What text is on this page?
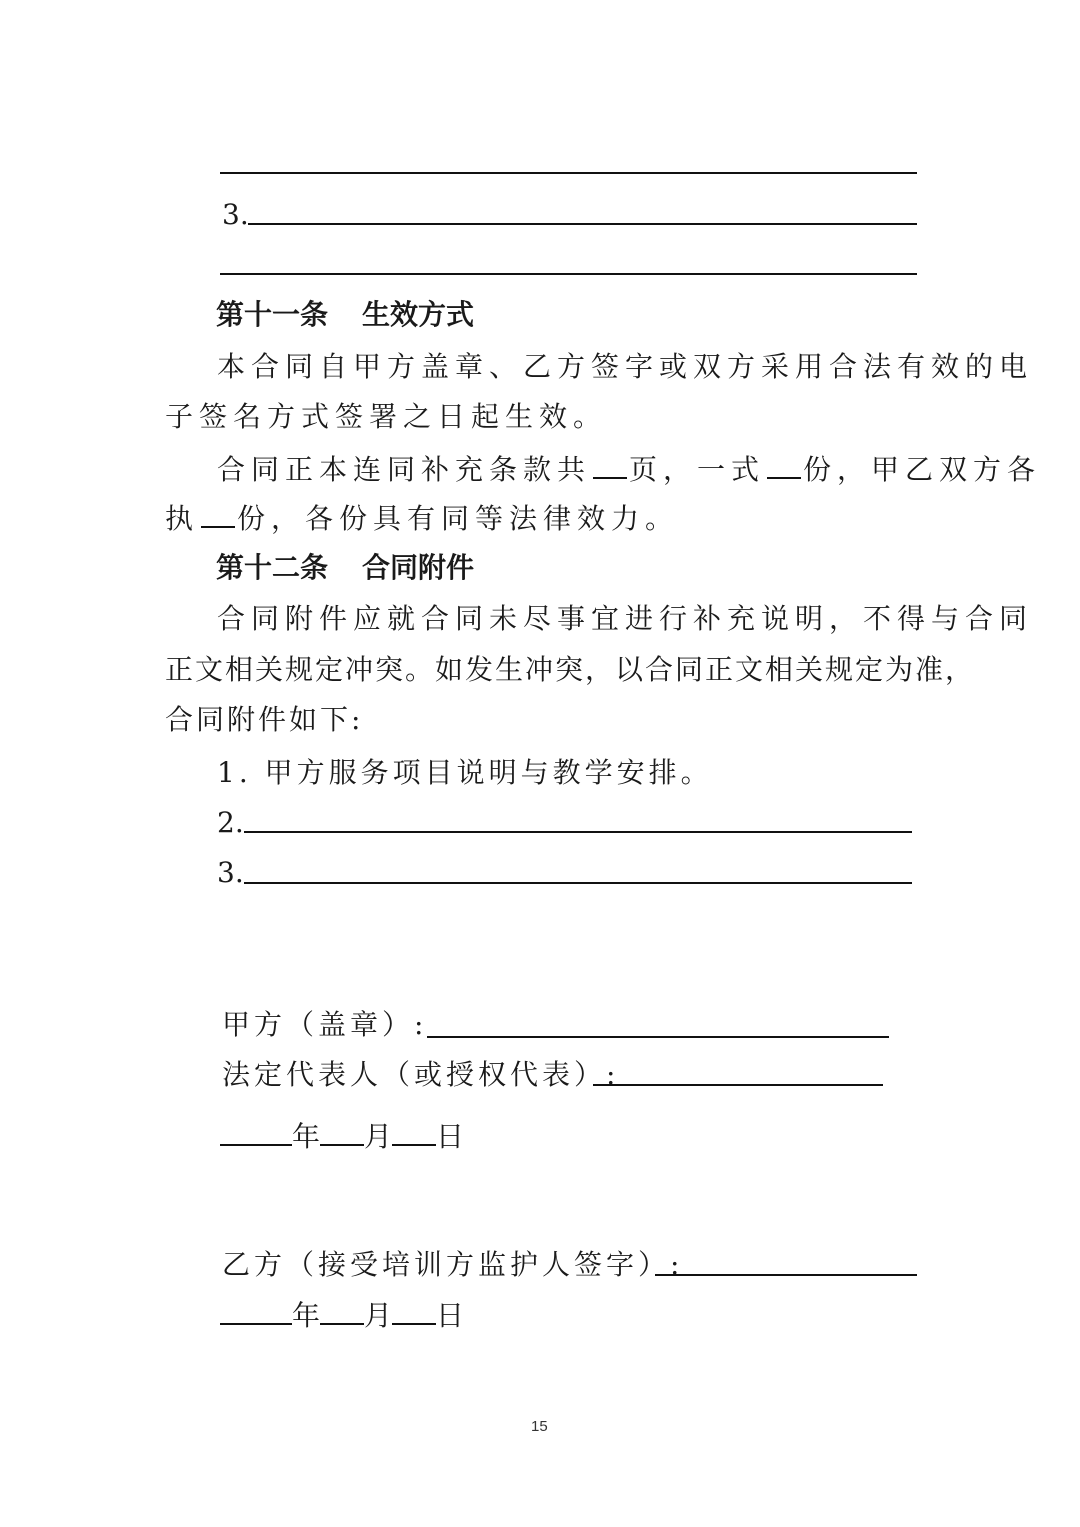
3.
第十一条 生效方式
本合同自甲方盖章、乙方签字或双方采用合法有效的电
子签名方式签署之日起生效。
合同正本连同补充条款共 页，一式 份，甲乙双方各
执 份，各份具有同等法律效力。
第十二条 合同附件
合同附件应就合同未尽事宜进行补充说明，不得与合同
正文相关规定冲突。如发生冲突，以合同正文相关规定为准，
合同附件如下:
1. 甲方服务项目说明与教学安排。
2.
3.
甲方（盖章）:
法定代表人（或授权代表）:
年 月 日
乙方（接受培训方监护人签字）:
年 月 日
15
